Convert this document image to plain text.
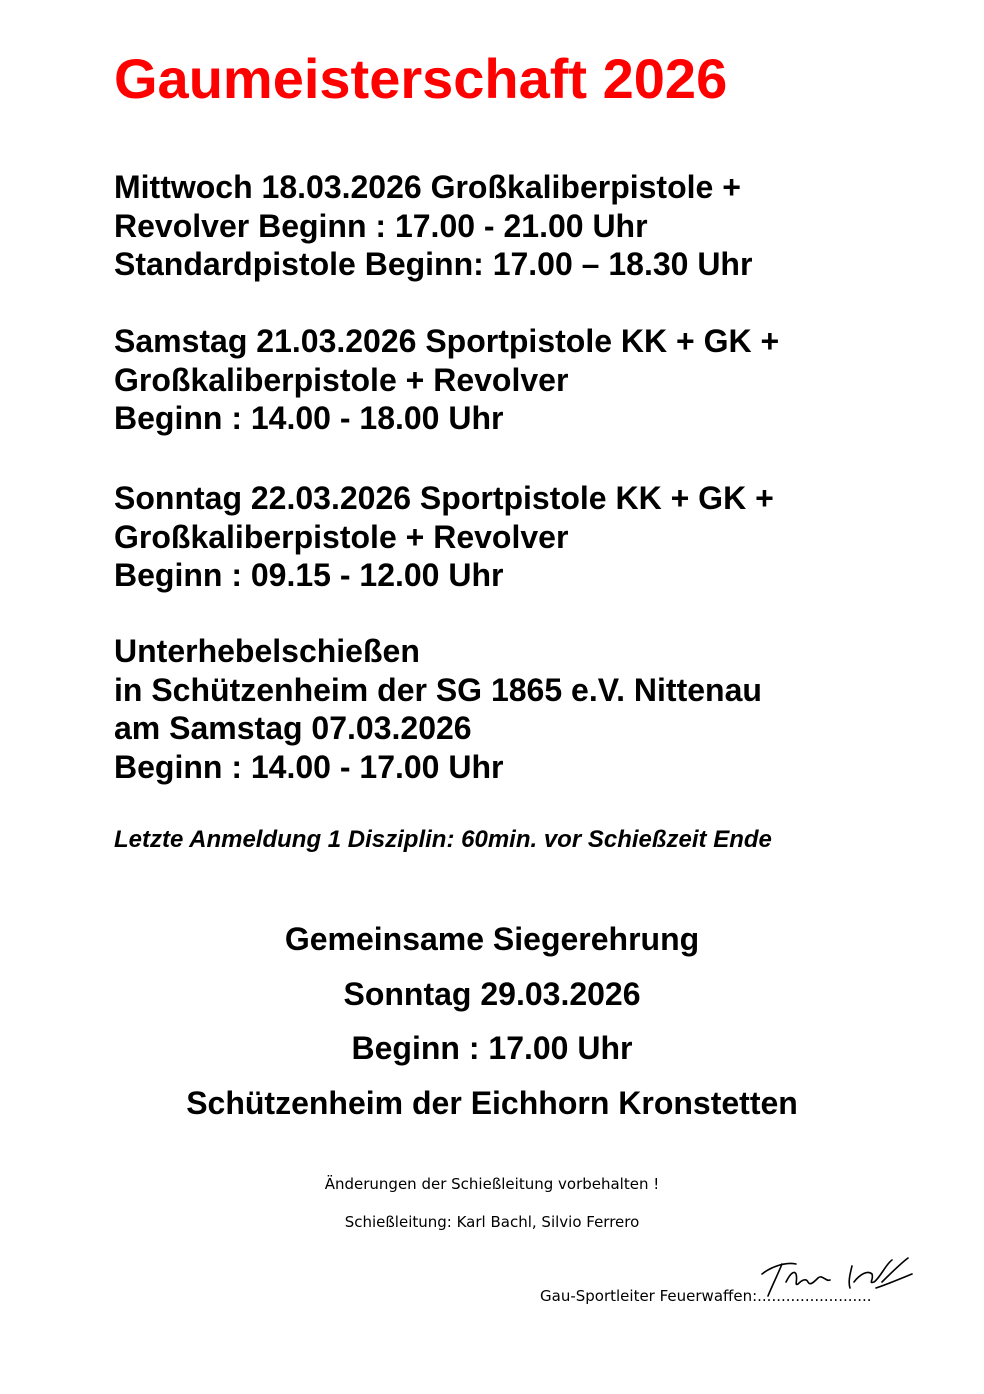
Gaumeisterschaft 2026
Mittwoch 18.03.2026 Großkaliberpistole +
Revolver Beginn : 17.00 - 21.00 Uhr
Standardpistole Beginn: 17.00 – 18.30 Uhr
Samstag 21.03.2026 Sportpistole KK + GK +
Großkaliberpistole + Revolver
Beginn : 14.00 - 18.00 Uhr
Sonntag 22.03.2026 Sportpistole KK + GK +
Großkaliberpistole + Revolver
Beginn : 09.15 - 12.00 Uhr
Unterhebelschießen
in Schützenheim der SG 1865 e.V. Nittenau
am Samstag 07.03.2026
Beginn : 14.00 - 17.00 Uhr

Letzte Anmeldung 1 Disziplin: 60min. vor Schießzeit Ende

Gemeinsame Siegerehrung
Sonntag 29.03.2026
Beginn : 17.00 Uhr
Schützenheim der Eichhorn Kronstetten
Änderungen der Schießleitung vorbehalten !
Schießleitung: Karl Bachl, Silvio Ferrero
Gau-Sportleiter Feuerwaffen:........................
